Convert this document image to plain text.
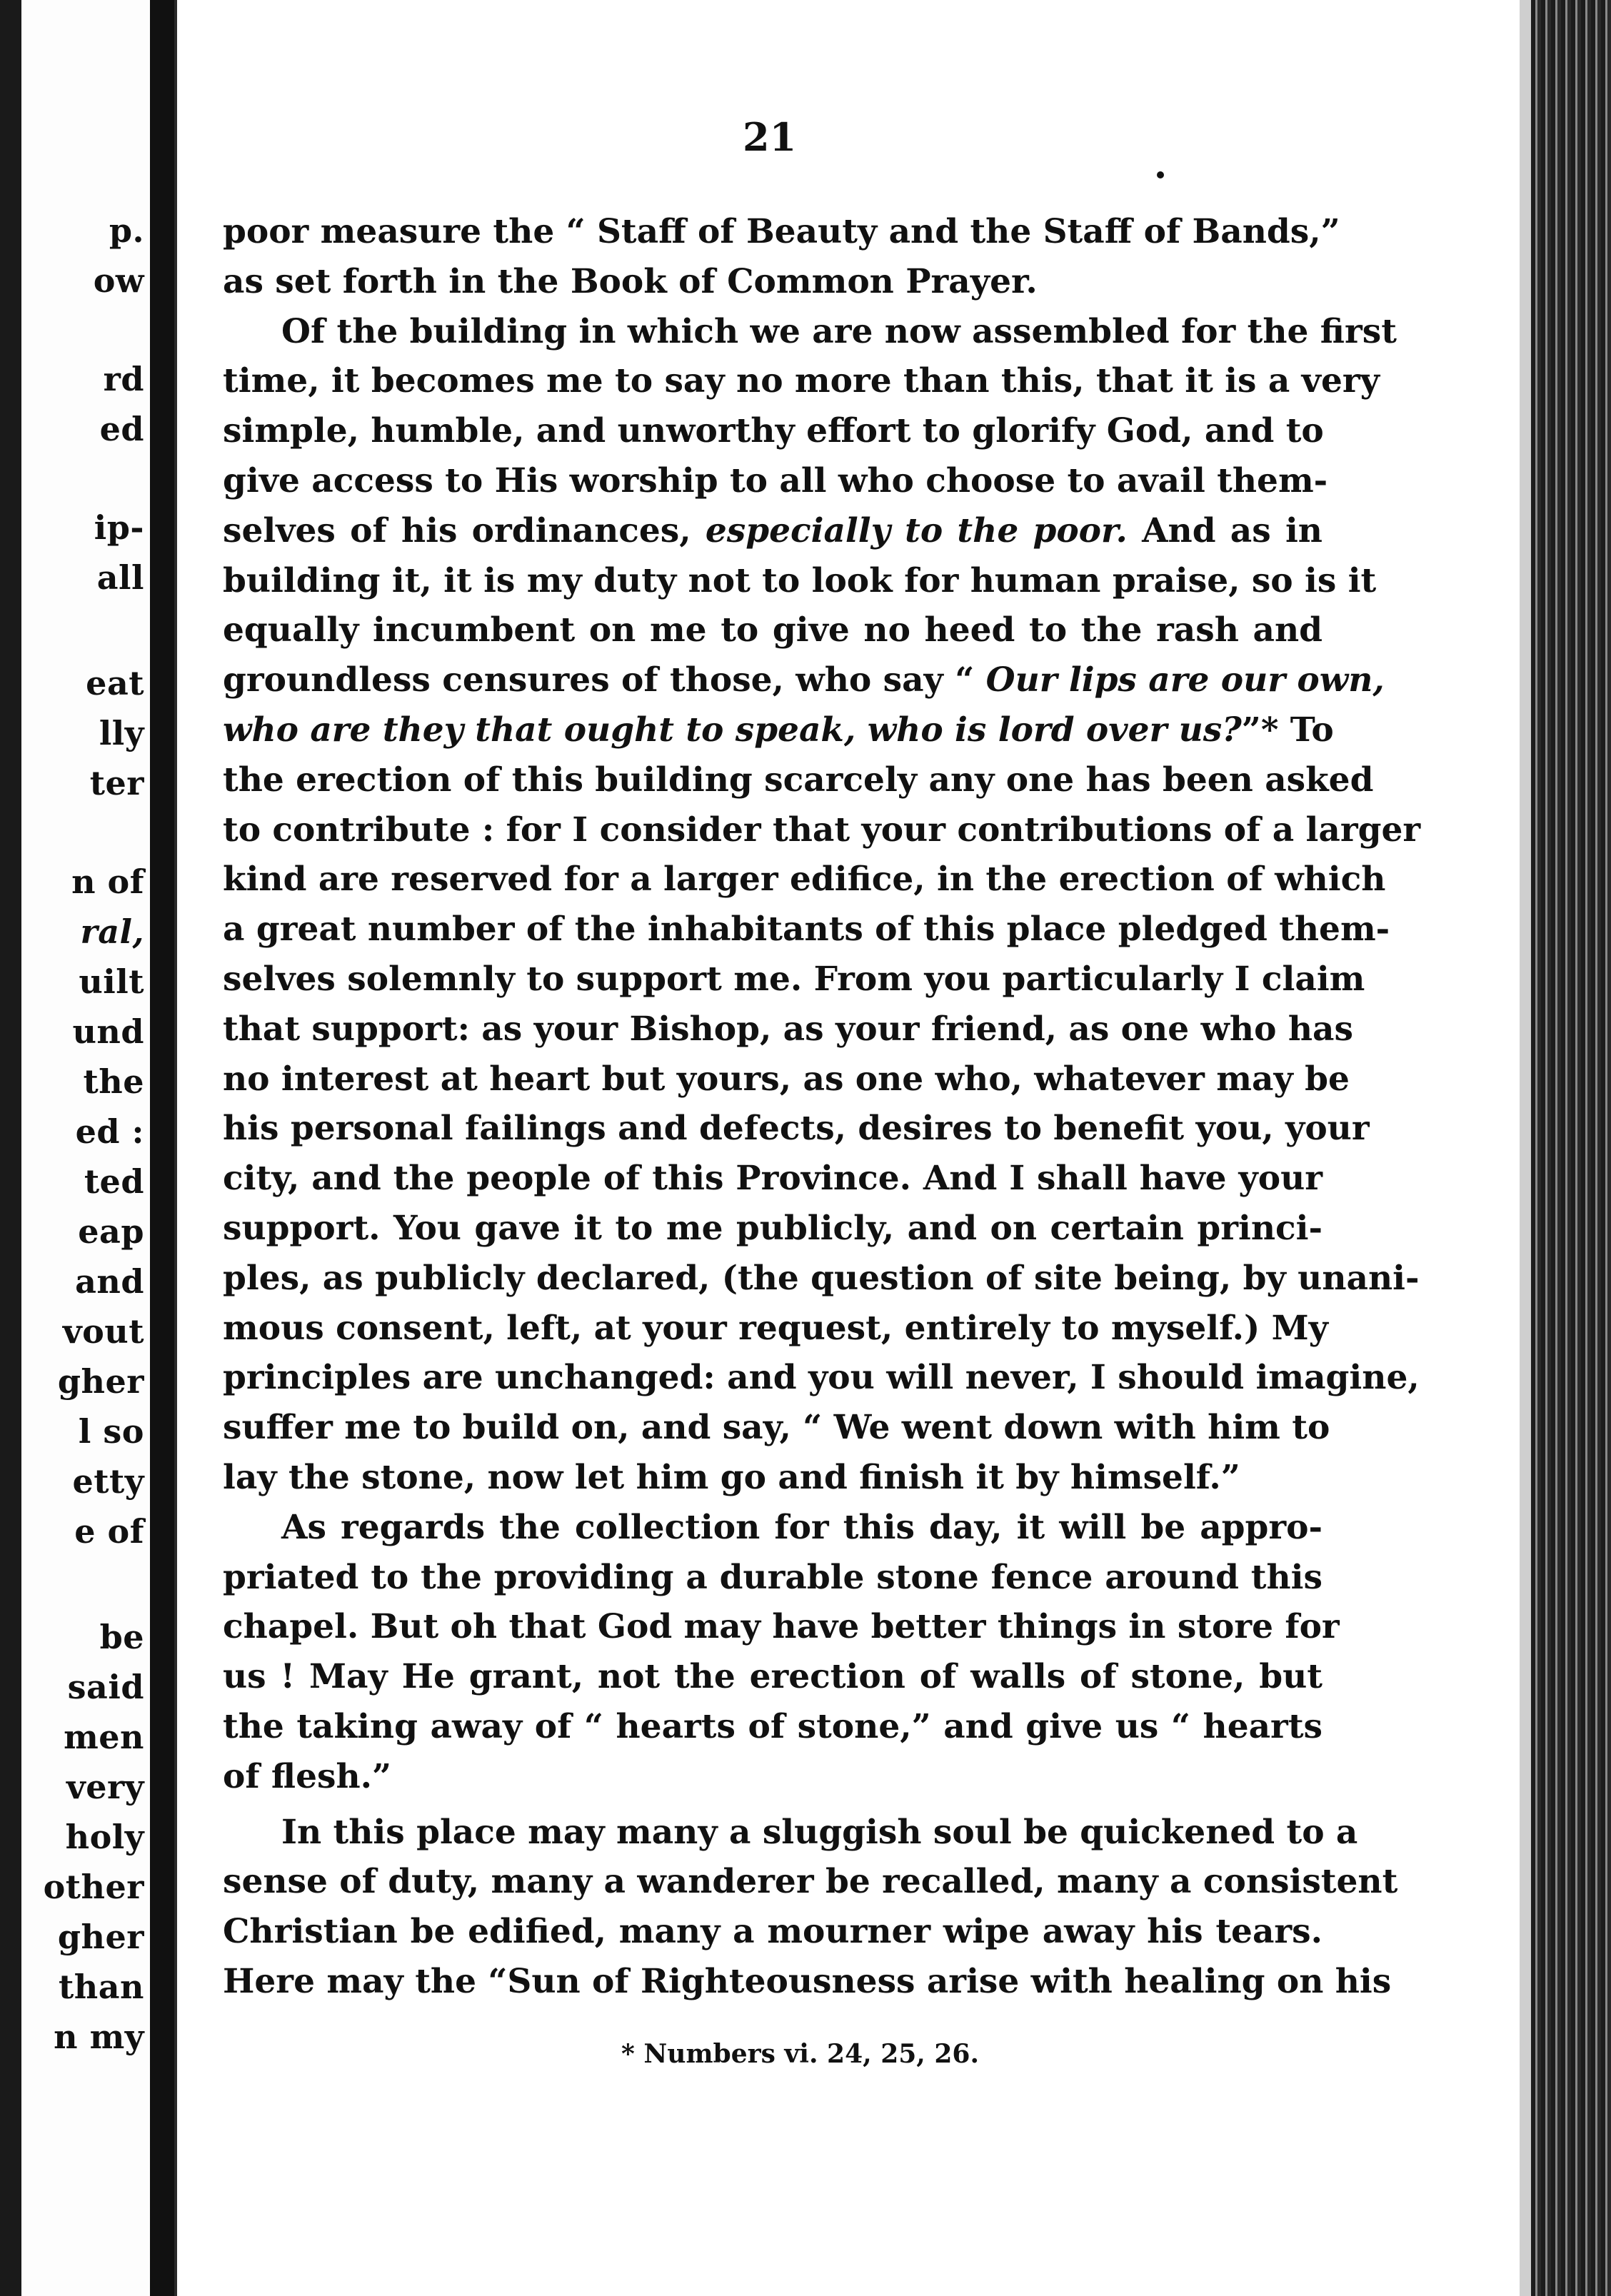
p.
ow
rd
ed
ip-
all
eat
lly
ter
n of
ral,
uilt
und
the
ed :
ted
eap
and
vout
gher
l so
etty
e of
be
said
men
very
holy
other
gher
than
n my
21
poor measure the “ Staff of Beauty and the Staff of Bands,”
as set forth in the Book of Common Prayer.
Of the building in which we are now assembled for the first
time, it becomes me to say no more than this, that it is a very
simple, humble, and unworthy effort to glorify God, and to
give access to His worship to all who choose to avail them-
selves of his ordinances, especially to the poor. And as in
building it, it is my duty not to look for human praise, so is it
equally incumbent on me to give no heed to the rash and
groundless censures of those, who say “ Our lips are our own,
who are they that ought to speak, who is lord over us?”* To
the erection of this building scarcely any one has been asked
to contribute : for I consider that your contributions of a larger
kind are reserved for a larger edifice, in the erection of which
a great number of the inhabitants of this place pledged them-
selves solemnly to support me. From you particularly I claim
that support: as your Bishop, as your friend, as one who has
no interest at heart but yours, as one who, whatever may be
his personal failings and defects, desires to benefit you, your
city, and the people of this Province. And I shall have your
support. You gave it to me publicly, and on certain princi-
ples, as publicly declared, (the question of site being, by unani-
mous consent, left, at your request, entirely to myself.) My
principles are unchanged: and you will never, I should imagine,
suffer me to build on, and say, “ We went down with him to
lay the stone, now let him go and finish it by himself.”
As regards the collection for this day, it will be appro-
priated to the providing a durable stone fence around this
chapel. But oh that God may have better things in store for
us ! May He grant, not the erection of walls of stone, but
the taking away of “ hearts of stone,” and give us “ hearts
of flesh.”
In this place may many a sluggish soul be quickened to a
sense of duty, many a wanderer be recalled, many a consistent
Christian be edified, many a mourner wipe away his tears.
Here may the “Sun of Righteousness arise with healing on his
* Numbers vi. 24, 25, 26.
